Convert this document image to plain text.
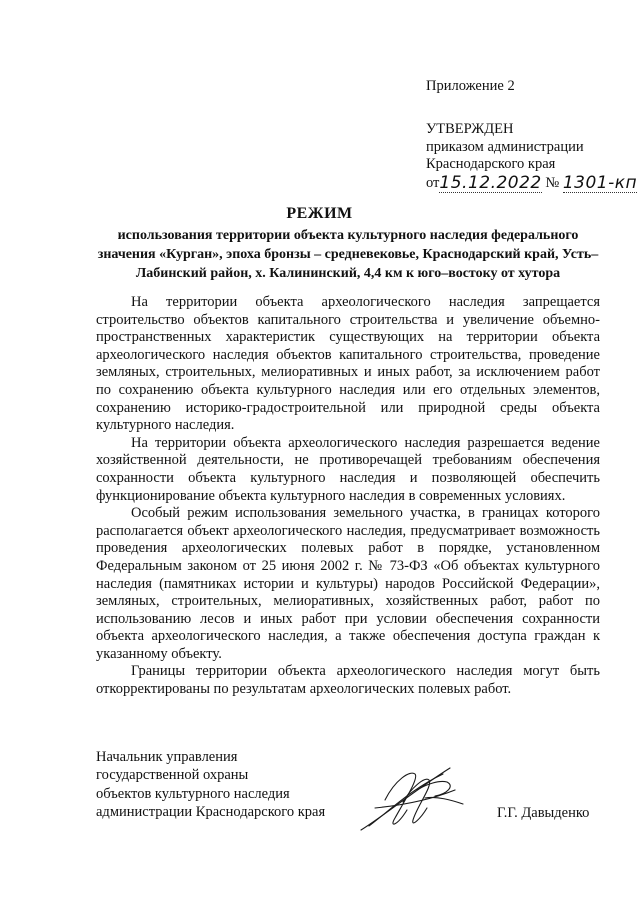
Приложение 2
УТВЕРЖДЕН
приказом администрации
Краснодарского края
от15.12.2022 № 1301-кп
РЕЖИМ
использования территории объекта культурного наследия федерального значения «Курган», эпоха бронзы – средневековье, Краснодарский край, Усть–Лабинский район, х. Калининский, 4,4 км к юго–востоку от хутора

На территории объекта археологического наследия запрещается строительство объектов капитального строительства и увеличение объемно-пространственных характеристик существующих на территории объекта археологического наследия объектов капитального строительства, проведение земляных, строительных, мелиоративных и иных работ, за исключением работ по сохранению объекта культурного наследия или его отдельных элементов, сохранению историко-градостроительной или природной среды объекта культурного наследия.

На территории объекта археологического наследия разрешается ведение хозяйственной деятельности, не противоречащей требованиям обеспечения сохранности объекта культурного наследия и позволяющей обеспечить функционирование объекта культурного наследия в современных условиях.

Особый режим использования земельного участка, в границах которого располагается объект археологического наследия, предусматривает возможность проведения археологических полевых работ в порядке, установленном Федеральным законом от 25 июня 2002 г. № 73-ФЗ «Об объектах культурного наследия (памятниках истории и культуры) народов Российской Федерации», земляных, строительных, мелиоративных, хозяйственных работ, работ по использованию лесов и иных работ при условии обеспечения сохранности объекта археологического наследия, а также обеспечения доступа граждан к указанному объекту.

Границы территории объекта археологического наследия могут быть откорректированы по результатам археологических полевых работ.

Начальник управления
государственной охраны
объектов культурного наследия
администрации Краснодарского края	Г.Г. Давыденко
